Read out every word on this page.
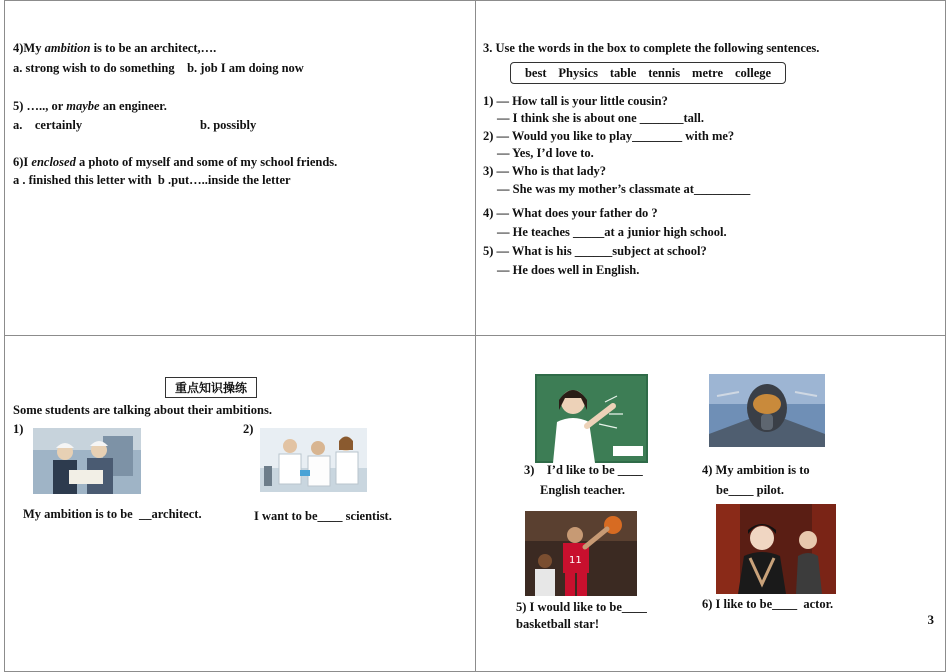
4)My ambition is to be an architect,….
a. strong wish to do something    b. job I am doing now
5) ….., or maybe an engineer.
a.    certainly	b. possibly
6)I enclosed a photo of myself and some of my school friends.
a . finished this letter with  b .put…..inside the letter
3. Use the words in the box to complete the following sentences.
best Physics table tennis metre college
1) — How tall is your little cousin?
— I think she is about one _______tall.
2) — Would you like to play________ with me?
— Yes, I’d love to.
3) — Who is that lady?
— She was my mother’s classmate at_________
4) — What does your father do ?
— He teaches _____at a junior high school.
5) — What is his ______subject at school?
— He does well in English.
重点知识操练
Some students are talking about their ambitions.
1)	2)
My ambition is to be  __architect.	I want to be____ scientist.
3)    I’d like to be ____
English teacher.
4) My ambition is to
be____ pilot.
11
5) I would like to be____
basketball star!
6) I like to be____  actor.
3
